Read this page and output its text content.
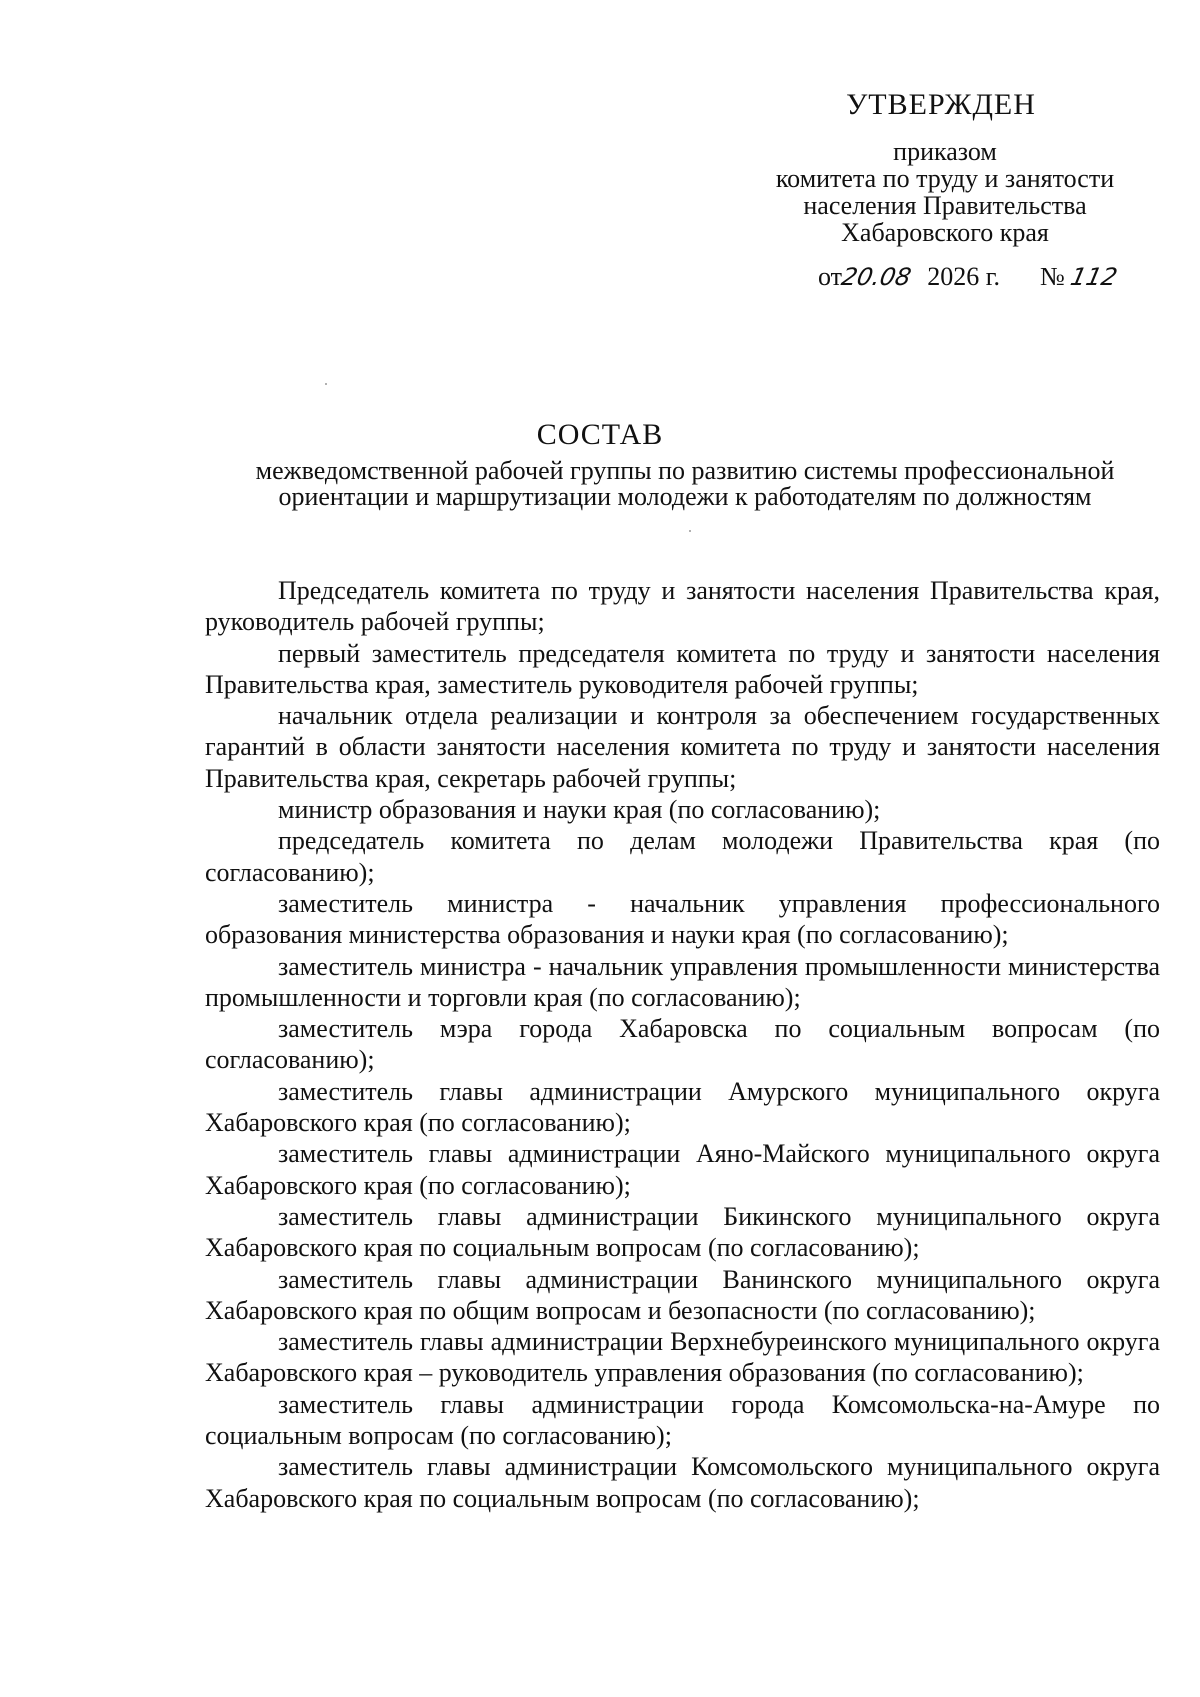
УТВЕРЖДЕН
приказом
комитета по труду и занятости
населения Правительства
Хабаровского края
от20.08 2026 г. № 112
СОСТАВ
межведомственной рабочей группы по развитию системы профессиональной
ориентации и маршрутизации молодежи к работодателям по должностям
Председатель комитета по труду и занятости населения Правительства края, руководитель рабочей группы;
первый заместитель председателя комитета по труду и занятости населения Правительства края, заместитель руководителя рабочей группы;
начальник отдела реализации и контроля за обеспечением государственных гарантий в области занятости населения комитета по труду и занятости населения Правительства края, секретарь рабочей группы;
министр образования и науки края (по согласованию);
председатель комитета по делам молодежи Правительства края (по согласованию);
заместитель министра - начальник управления профессионального образования министерства образования и науки края (по согласованию);
заместитель министра - начальник управления промышленности министерства промышленности и торговли края (по согласованию);
заместитель мэра города Хабаровска по социальным вопросам (по согласованию);
заместитель главы администрации Амурского муниципального округа Хабаровского края (по согласованию);
заместитель главы администрации Аяно-Майского муниципального округа Хабаровского края (по согласованию);
заместитель главы администрации Бикинского муниципального округа Хабаровского края по социальным вопросам (по согласованию);
заместитель главы администрации Ванинского муниципального округа Хабаровского края по общим вопросам и безопасности (по согласованию);
заместитель главы администрации Верхнебуреинского муниципального округа Хабаровского края – руководитель управления образования (по согласованию);
заместитель главы администрации города Комсомольска-на-Амуре по социальным вопросам (по согласованию);
заместитель главы администрации Комсомольского муниципального округа Хабаровского края по социальным вопросам (по согласованию);
